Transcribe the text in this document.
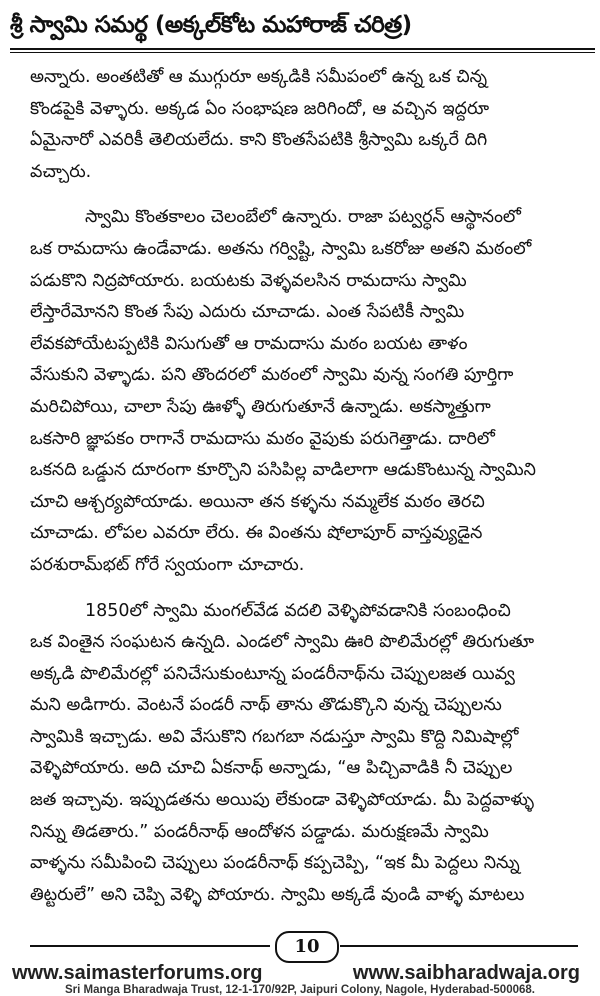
శ్రీ స్వామి సమర్థ (అక్కల్‌కోట మహారాజ్ చరిత్ర)

అన్నారు. అంతటితో ఆ ముగ్గురూ అక్కడికి సమీపంలో ఉన్న ఒక చిన్న
కొండపైకి వెళ్ళారు. అక్కడ ఏం సంభాషణ జరిగిందో, ఆ వచ్చిన ఇద్దరూ
ఏమైనారో ఎవరికీ తెలియలేదు. కాని కొంతసేపటికి శ్రీస్వామి ఒక్కరే దిగి
వచ్చారు.

స్వామి కొంతకాలం చెలంబేలో ఉన్నారు. రాజా పట్వర్ధన్ ఆస్థానంలో
ఒక రామదాసు ఉండేవాడు. అతను గర్విష్టి, స్వామి ఒకరోజు అతని మఠంలో
పడుకొని నిద్రపోయారు. బయటకు వెళ్ళవలసిన రామదాసు స్వామి
లేస్తారేమోనని కొంత సేపు ఎదురు చూచాడు. ఎంత సేపటికీ స్వామి
లేవకపోయేటప్పటికి విసుగుతో ఆ రామదాసు మఠం బయట తాళం
వేసుకుని వెళ్ళాడు. పని తొందరలో మఠంలో స్వామి వున్న సంగతి పూర్తిగా
మరిచిపోయి, చాలా సేపు ఊళ్ళో తిరుగుతూనే ఉన్నాడు. అకస్మాత్తుగా
ఒకసారి జ్ఞాపకం రాగానే రామదాసు మఠం వైపుకు పరుగెత్తాడు. దారిలో
ఒకనది ఒడ్డున దూరంగా కూర్చొని పసిపిల్ల వాడిలాగా ఆడుకొంటున్న స్వామిని
చూచి ఆశ్చర్యపోయాడు. అయినా తన కళ్ళను నమ్మలేక మఠం తెరచి
చూచాడు. లోపల ఎవరూ లేరు. ఈ వింతను షోలాపూర్ వాస్తవ్యుడైన
పరశురామ్‌భట్ గోరే స్వయంగా చూచారు.

1850లో స్వామి మంగల్‌వేడ వదలి వెళ్ళిపోవడానికి సంబంధించి
ఒక వింతైన సంఘటన ఉన్నది. ఎండలో స్వామి ఊరి పొలిమేరల్లో తిరుగుతూ
అక్కడి పొలిమేరల్లో పనిచేసుకుంటూన్న పండరీనాథ్‌ను చెప్పులజత యివ్వ
మని అడిగారు. వెంటనే పండరీ నాథ్ తాను తొడుక్కొని వున్న చెప్పులను
స్వామికి ఇచ్చాడు. అవి వేసుకొని గబగబా నడుస్తూ స్వామి కొద్ది నిమిషాల్లో
వెళ్ళిపోయారు. అది చూచి ఏకనాథ్ అన్నాడు, “ఆ పిచ్చివాడికి నీ చెప్పుల
జత ఇచ్చావు. ఇప్పుడతను అయిపు లేకుండా వెళ్ళిపోయాడు. మీ పెద్దవాళ్ళు
నిన్ను తిడతారు.” పండరీనాథ్ ఆందోళన పడ్డాడు. మరుక్షణమే స్వామి
వాళ్ళను సమీపించి చెప్పులు పండరీనాథ్ కప్పచెప్పి, “ఇక మీ పెద్దలు నిన్ను
తిట్టరులే” అని చెప్పి వెళ్ళి పోయారు. స్వామి అక్కడే వుండి వాళ్ళ మాటలు

10
www.saimasterforums.org	www.saibharadwaja.org
Sri Manga Bharadwaja Trust, 12-1-170/92P, Jaipuri Colony, Nagole, Hyderabad-500068.
